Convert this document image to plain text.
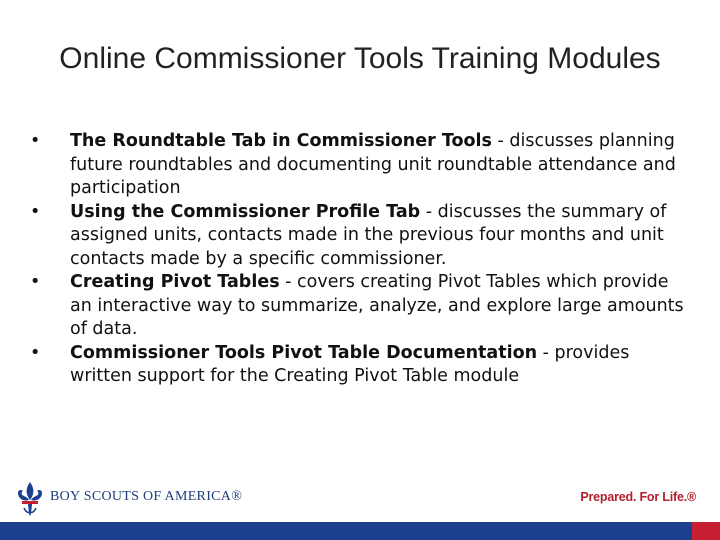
Online Commissioner Tools Training Modules
•	The Roundtable Tab in Commissioner Tools - discusses planning future roundtables and documenting unit roundtable attendance and participation
•	Using the Commissioner Profile Tab - discusses the summary of assigned units, contacts made in the previous four months and unit contacts made by a specific commissioner.
•	Creating Pivot Tables - covers creating Pivot Tables which provide an interactive way to summarize, analyze, and explore large amounts of data.
•	Commissioner Tools Pivot Table Documentation - provides written support for the Creating Pivot Table module
BOY SCOUTS OF AMERICA®	Prepared. For Life.®
